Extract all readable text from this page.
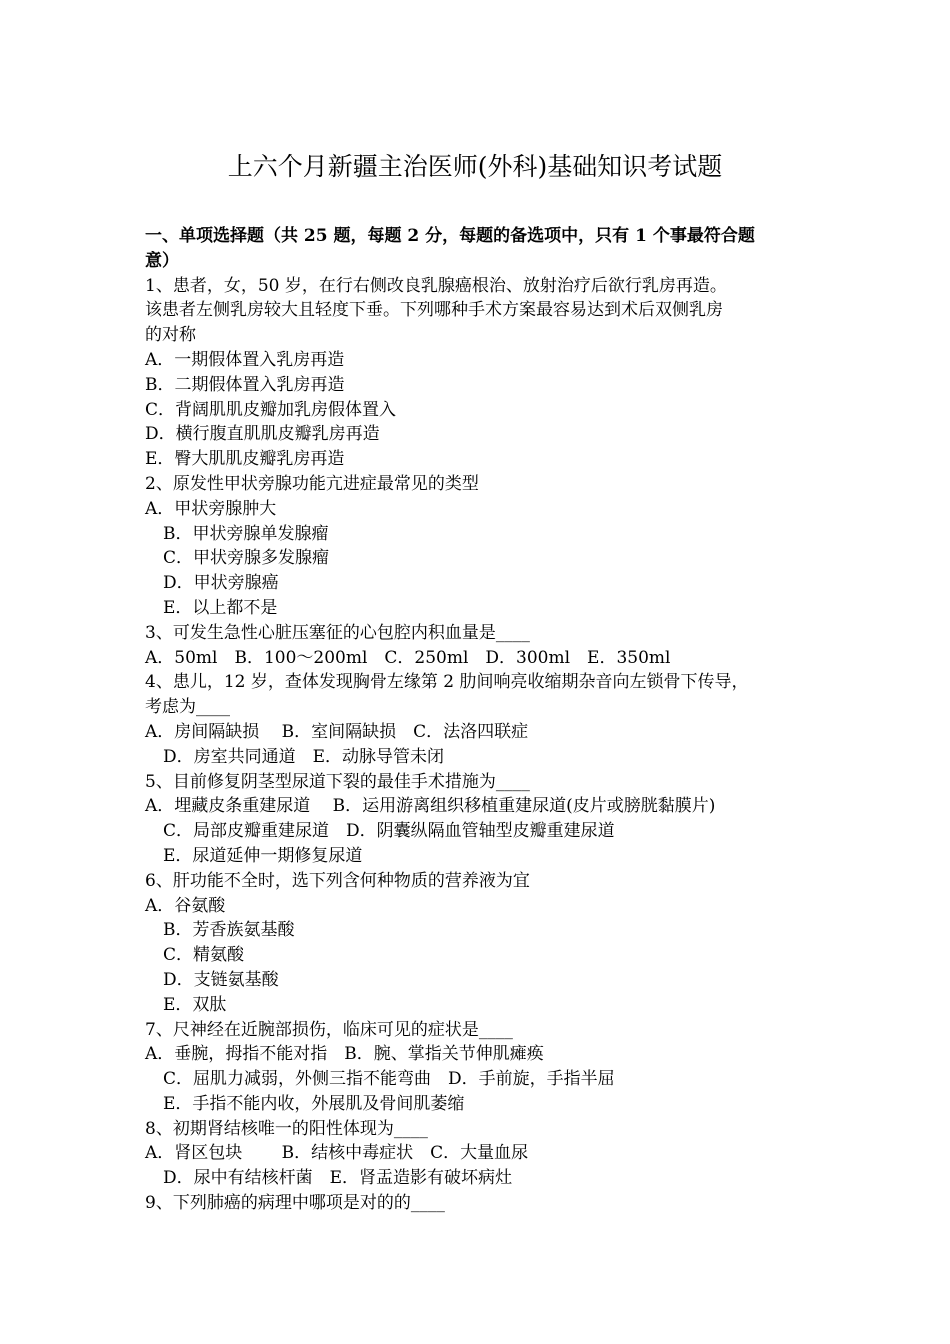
上六个月新疆主治医师(外科)基础知识考试题
一、单项选择题（共 25 题，每题 2 分，每题的备选项中，只有 1 个事最符合题
意）
1、患者，女，50 岁，在行右侧改良乳腺癌根治、放射治疗后欲行乳房再造。
该患者左侧乳房较大且轻度下垂。下列哪种手术方案最容易达到术后双侧乳房
的对称
A．一期假体置入乳房再造
B．二期假体置入乳房再造
C．背阔肌肌皮瓣加乳房假体置入
D．横行腹直肌肌皮瓣乳房再造
E．臀大肌肌皮瓣乳房再造
2、原发性甲状旁腺功能亢进症最常见的类型
A．甲状旁腺肿大
B．甲状旁腺单发腺瘤
C．甲状旁腺多发腺瘤
D．甲状旁腺癌
E．以上都不是
3、可发生急性心脏压塞征的心包腔内积血量是____
A．50ml　B．100～200ml　C．250ml　D．300ml　E．350ml
4、患儿，12 岁，查体发现胸骨左缘第 2 肋间响亮收缩期杂音向左锁骨下传导，
考虑为____
A．房间隔缺损　 B．室间隔缺损　C．法洛四联症
D．房室共同通道　E．动脉导管未闭
5、目前修复阴茎型尿道下裂的最佳手术措施为____
A．埋藏皮条重建尿道　 B．运用游离组织移植重建尿道(皮片或膀胱黏膜片)
C．局部皮瓣重建尿道　D．阴囊纵隔血管轴型皮瓣重建尿道
E．尿道延伸一期修复尿道
6、肝功能不全时，选下列含何种物质的营养液为宜
A．谷氨酸
B．芳香族氨基酸
C．精氨酸
D．支链氨基酸
E．双肽
7、尺神经在近腕部损伤，临床可见的症状是____
A．垂腕，拇指不能对指　B．腕、掌指关节伸肌瘫痪
C．屈肌力减弱，外侧三指不能弯曲　D．手前旋，手指半屈
E．手指不能内收，外展肌及骨间肌萎缩
8、初期肾结核唯一的阳性体现为____
A．肾区包块　　 B．结核中毒症状　C．大量血尿
D．尿中有结核杆菌　E．肾盂造影有破坏病灶
9、下列肺癌的病理中哪项是对的的____
